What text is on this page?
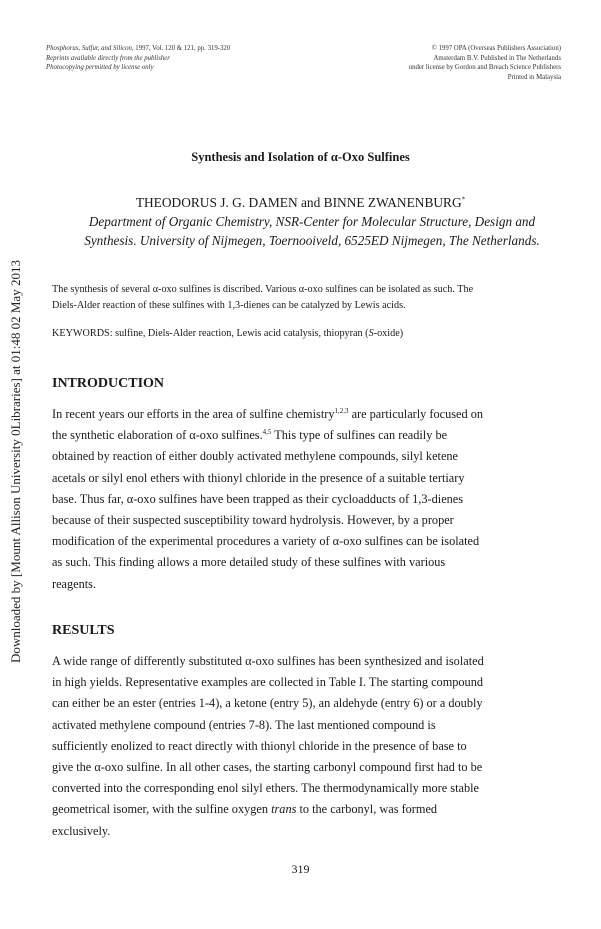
Downloaded by [Mount Allison University 0Libraries] at 01:48 02 May 2013
Phosphorus, Sulfur, and Silicon, 1997, Vol. 120 & 121, pp. 319-320
Reprints available directly from the publisher
Photocopying permitted by license only
© 1997 OPA (Overseas Publishers Association)
Amsterdam B.V. Published in The Netherlands
under license by Gordon and Breach Science Publishers
Printed in Malaysia
Synthesis and Isolation of α-Oxo Sulfines
THEODORUS J. G. DAMEN and BINNE ZWANENBURG*
Department of Organic Chemistry, NSR-Center for Molecular Structure, Design and
Synthesis. University of Nijmegen, Toernooiveld, 6525ED Nijmegen, The Netherlands.
The synthesis of several α-oxo sulfines is discribed. Various α-oxo sulfines can be isolated as such. The
Diels-Alder reaction of these sulfines with 1,3-dienes can be catalyzed by Lewis acids.
KEYWORDS: sulfine, Diels-Alder reaction, Lewis acid catalysis, thiopyran (S-oxide)
INTRODUCTION
In recent years our efforts in the area of sulfine chemistry$^{1,2,3}$ are particularly focused on
the synthetic elaboration of α-oxo sulfines.$^{4,5}$ This type of sulfines can readily be
obtained by reaction of either doubly activated methylene compounds, silyl ketene
acetals or silyl enol ethers with thionyl chloride in the presence of a suitable tertiary
base. Thus far, α-oxo sulfines have been trapped as their cycloadducts of 1,3-dienes
because of their suspected susceptibility toward hydrolysis. However, by a proper
modification of the experimental procedures a variety of α-oxo sulfines can be isolated
as such. This finding allows a more detailed study of these sulfines with various
reagents.
RESULTS
A wide range of differently substituted α-oxo sulfines has been synthesized and isolated
in high yields. Representative examples are collected in Table I. The starting compound
can either be an ester (entries 1-4), a ketone (entry 5), an aldehyde (entry 6) or a doubly
activated methylene compound (entries 7-8). The last mentioned compound is
sufficiently enolized to react directly with thionyl chloride in the presence of base to
give the α-oxo sulfine. In all other cases, the starting carbonyl compound first had to be
converted into the corresponding enol silyl ethers. The thermodynamically more stable
geometrical isomer, with the sulfine oxygen trans to the carbonyl, was formed
exclusively.
319
